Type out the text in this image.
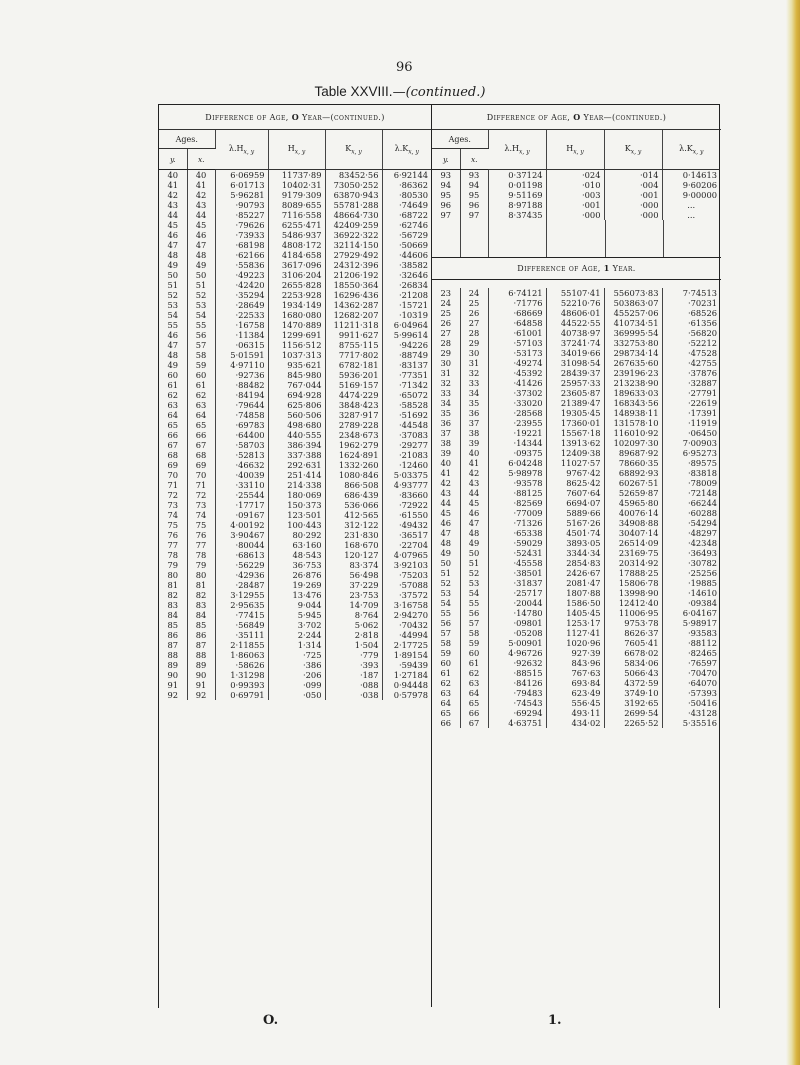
96
Table XXVIII.—(continued.)
Difference of Age, O Year—(continued.)
Ages.		$\lambda.H_{x, y}$	$H_{x, y}$	$K_{x, y}$	$\lambda.K_{x, y}$
y.	x.				
40	40	6·06959	11737·89	83452·56	6·92144
41	41	6·01713	10402·31	73050·252	·86362
42	42	5·96281	9179·309	63870·943	·80530
43	43	·90793	8089·655	55781·288	·74649
44	44	·85227	7116·558	48664·730	·68722
45	45	·79626	6255·471	42409·259	·62746
46	46	·73933	5486·937	36922·322	·56729
47	47	·68198	4808·172	32114·150	·50669
48	48	·62166	4184·658	27929·492	·44606
49	49	·55836	3617·096	24312·396	·38582
50	50	·49223	3106·204	21206·192	·32646
51	51	·42420	2655·828	18550·364	·26834
52	52	·35294	2253·928	16296·436	·21208
53	53	·28649	1934·149	14362·287	·15721
54	54	·22533	1680·080	12682·207	·10319
55	55	·16758	1470·889	11211·318	6·04964
46	56	·11384	1299·691	9911·627	5·99614
47	57	·06315	1156·512	8755·115	·94226
48	58	5·01591	1037·313	7717·802	·88749
49	59	4·97110	935·621	6782·181	·83137
60	60	·92736	845·980	5936·201	·77351
61	61	·88482	767·044	5169·157	·71342
62	62	·84194	694·928	4474·229	·65072
63	63	·79644	625·806	3848·423	·58528
64	64	·74858	560·506	3287·917	·51692
65	65	·69783	498·680	2789·228	·44548
66	66	·64400	440·555	2348·673	·37083
67	67	·58703	386·394	1962·279	·29277
68	68	·52813	337·388	1624·891	·21083
69	69	·46632	292·631	1332·260	·12460
70	70	·40039	251·414	1080·846	5·03375
71	71	·33110	214·338	866·508	4·93777
72	72	·25544	180·069	686·439	·83660
73	73	·17717	150·373	536·066	·72922
74	74	·09167	123·501	412·565	·61550
75	75	4·00192	100·443	312·122	·49432
76	76	3·90467	80·292	231·830	·36517
77	77	·80044	63·160	168·670	·22704
78	78	·68613	48·543	120·127	4·07965
79	79	·56229	36·753	83·374	3·92103
80	80	·42936	26·876	56·498	·75203
81	81	·28487	19·269	37·229	·57088
82	82	3·12955	13·476	23·753	·37572
83	83	2·95635	9·044	14·709	3·16758
84	84	·77415	5·945	8·764	2·94270
85	85	·56849	3·702	5·062	·70432
86	86	·35111	2·244	2·818	·44994
87	87	2·11855	1·314	1·504	2·17725
88	88	1·86063	·725	·779	1·89154
89	89	·58626	·386	·393	·59439
90	90	1·31298	·206	·187	1·27184
91	91	0·99393	·099	·088	0·94448
92	92	0·69791	·050	·038	0·57978
Difference of Age, O Year—(continued.)
Ages.		$\lambda.H_{x, y}$	$H_{x, y}$	$K_{x, y}$	$\lambda.K_{x, y}$
y.	x.				
93	93	0·37124	·024	·014	0·14613
94	94	0·01198	·010	·004	9·60206
95	95	9·51169	·003	·001	9·00000
96	96	8·97188	·001	·000	...
97	97	8·37435	·000	·000	...
Difference of Age, 1 Year.
23	24	6·74121	55107·41	556073·83	7·74513
24	25	·71776	52210·76	503863·07	·70231
25	26	·68669	48606·01	455257·06	·68526
26	27	·64858	44522·55	410734·51	·61356
27	28	·61001	40738·97	369995·54	·56820
28	29	·57103	37241·74	332753·80	·52212
29	30	·53173	34019·66	298734·14	·47528
30	31	·49274	31098·54	267635·60	·42755
31	32	·45392	28439·37	239196·23	·37876
32	33	·41426	25957·33	213238·90	·32887
33	34	·37302	23605·87	189633·03	·27791
34	35	·33020	21389·47	168343·56	·22619
35	36	·28568	19305·45	148938·11	·17391
36	37	·23955	17360·01	131578·10	·11919
37	38	·19221	15567·18	116010·92	·06450
38	39	·14344	13913·62	102097·30	7·00903
39	40	·09375	12409·38	89687·92	6·95273
40	41	6·04248	11027·57	78660·35	·89575
41	42	5·98978	9767·42	68892·93	·83818
42	43	·93578	8625·42	60267·51	·78009
43	44	·88125	7607·64	52659·87	·72148
44	45	·82569	6694·07	45965·80	·66244
45	46	·77009	5889·66	40076·14	·60288
46	47	·71326	5167·26	34908·88	·54294
47	48	·65338	4501·74	30407·14	·48297
48	49	·59029	3893·05	26514·09	·42348
49	50	·52431	3344·34	23169·75	·36493
50	51	·45558	2854·83	20314·92	·30782
51	52	·38501	2426·67	17888·25	·25256
52	53	·31837	2081·47	15806·78	·19885
53	54	·25717	1807·88	13998·90	·14610
54	55	·20044	1586·50	12412·40	·09384
55	56	·14780	1405·45	11006·95	6·04167
56	57	·09801	1253·17	9753·78	5·98917
57	58	·05208	1127·41	8626·37	·93583
58	59	5·00901	1020·96	7605·41	·88112
59	60	4·96726	927·39	6678·02	·82465
60	61	·92632	843·96	5834·06	·76597
61	62	·88515	767·63	5066·43	·70470
62	63	·84126	693·84	4372·59	·64070
63	64	·79483	623·49	3749·10	·57393
64	65	·74543	556·45	3192·65	·50416
65	66	·69294	493·11	2699·54	·43128
66	67	4·63751	434·02	2265·52	5·35516
O.	1.
